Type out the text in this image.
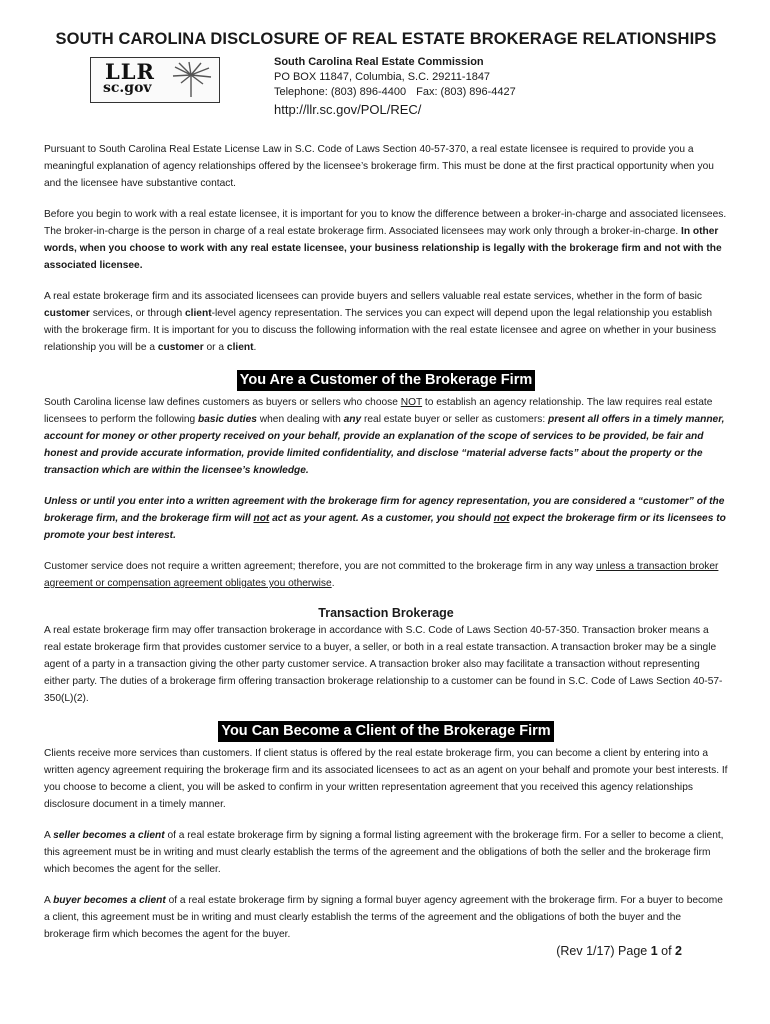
SOUTH CAROLINA DISCLOSURE OF REAL ESTATE BROKERAGE RELATIONSHIPS
LLR
sc.gov
South Carolina Real Estate Commission
PO BOX 11847, Columbia, S.C. 29211-1847
Telephone: (803) 896-4400 Fax: (803) 896-4427
http://llr.sc.gov/POL/REC/

Pursuant to South Carolina Real Estate License Law in S.C. Code of Laws Section 40-57-370, a real estate licensee is required to provide you a meaningful explanation of agency relationships offered by the licensee’s brokerage firm. This must be done at the first practical opportunity when you and the licensee have substantive contact.

Before you begin to work with a real estate licensee, it is important for you to know the difference between a broker-in-charge and associated licensees. The broker-in-charge is the person in charge of a real estate brokerage firm. Associated licensees may work only through a broker-in-charge. In other words, when you choose to work with any real estate licensee, your business relationship is legally with the brokerage firm and not with the associated licensee.

A real estate brokerage firm and its associated licensees can provide buyers and sellers valuable real estate services, whether in the form of basic customer services, or through client-level agency representation. The services you can expect will depend upon the legal relationship you establish with the brokerage firm. It is important for you to discuss the following information with the real estate licensee and agree on whether in your business relationship you will be a customer or a client.

You Are a Customer of the Brokerage Firm

South Carolina license law defines customers as buyers or sellers who choose NOT to establish an agency relationship. The law requires real estate licensees to perform the following basic duties when dealing with any real estate buyer or seller as customers: present all offers in a timely manner, account for money or other property received on your behalf, provide an explanation of the scope of services to be provided, be fair and honest and provide accurate information, provide limited confidentiality, and disclose “material adverse facts” about the property or the transaction which are within the licensee’s knowledge.

Unless or until you enter into a written agreement with the brokerage firm for agency representation, you are considered a “customer” of the brokerage firm, and the brokerage firm will not act as your agent. As a customer, you should not expect the brokerage firm or its licensees to promote your best interest.

Customer service does not require a written agreement; therefore, you are not committed to the brokerage firm in any way unless a transaction broker agreement or compensation agreement obligates you otherwise.

Transaction Brokerage

A real estate brokerage firm may offer transaction brokerage in accordance with S.C. Code of Laws Section 40-57-350. Transaction broker means a real estate brokerage firm that provides customer service to a buyer, a seller, or both in a real estate transaction. A transaction broker may be a single agent of a party in a transaction giving the other party customer service. A transaction broker also may facilitate a transaction without representing either party. The duties of a brokerage firm offering transaction brokerage relationship to a customer can be found in S.C. Code of Laws Section 40-57-350(L)(2).

You Can Become a Client of the Brokerage Firm

Clients receive more services than customers. If client status is offered by the real estate brokerage firm, you can become a client by entering into a written agency agreement requiring the brokerage firm and its associated licensees to act as an agent on your behalf and promote your best interests. If you choose to become a client, you will be asked to confirm in your written representation agreement that you received this agency relationships disclosure document in a timely manner.

A seller becomes a client of a real estate brokerage firm by signing a formal listing agreement with the brokerage firm. For a seller to become a client, this agreement must be in writing and must clearly establish the terms of the agreement and the obligations of both the seller and the brokerage firm which becomes the agent for the seller.

A buyer becomes a client of a real estate brokerage firm by signing a formal buyer agency agreement with the brokerage firm. For a buyer to become a client, this agreement must be in writing and must clearly establish the terms of the agreement and the obligations of both the buyer and the brokerage firm which becomes the agent for the buyer.

(Rev 1/17) Page 1 of 2
